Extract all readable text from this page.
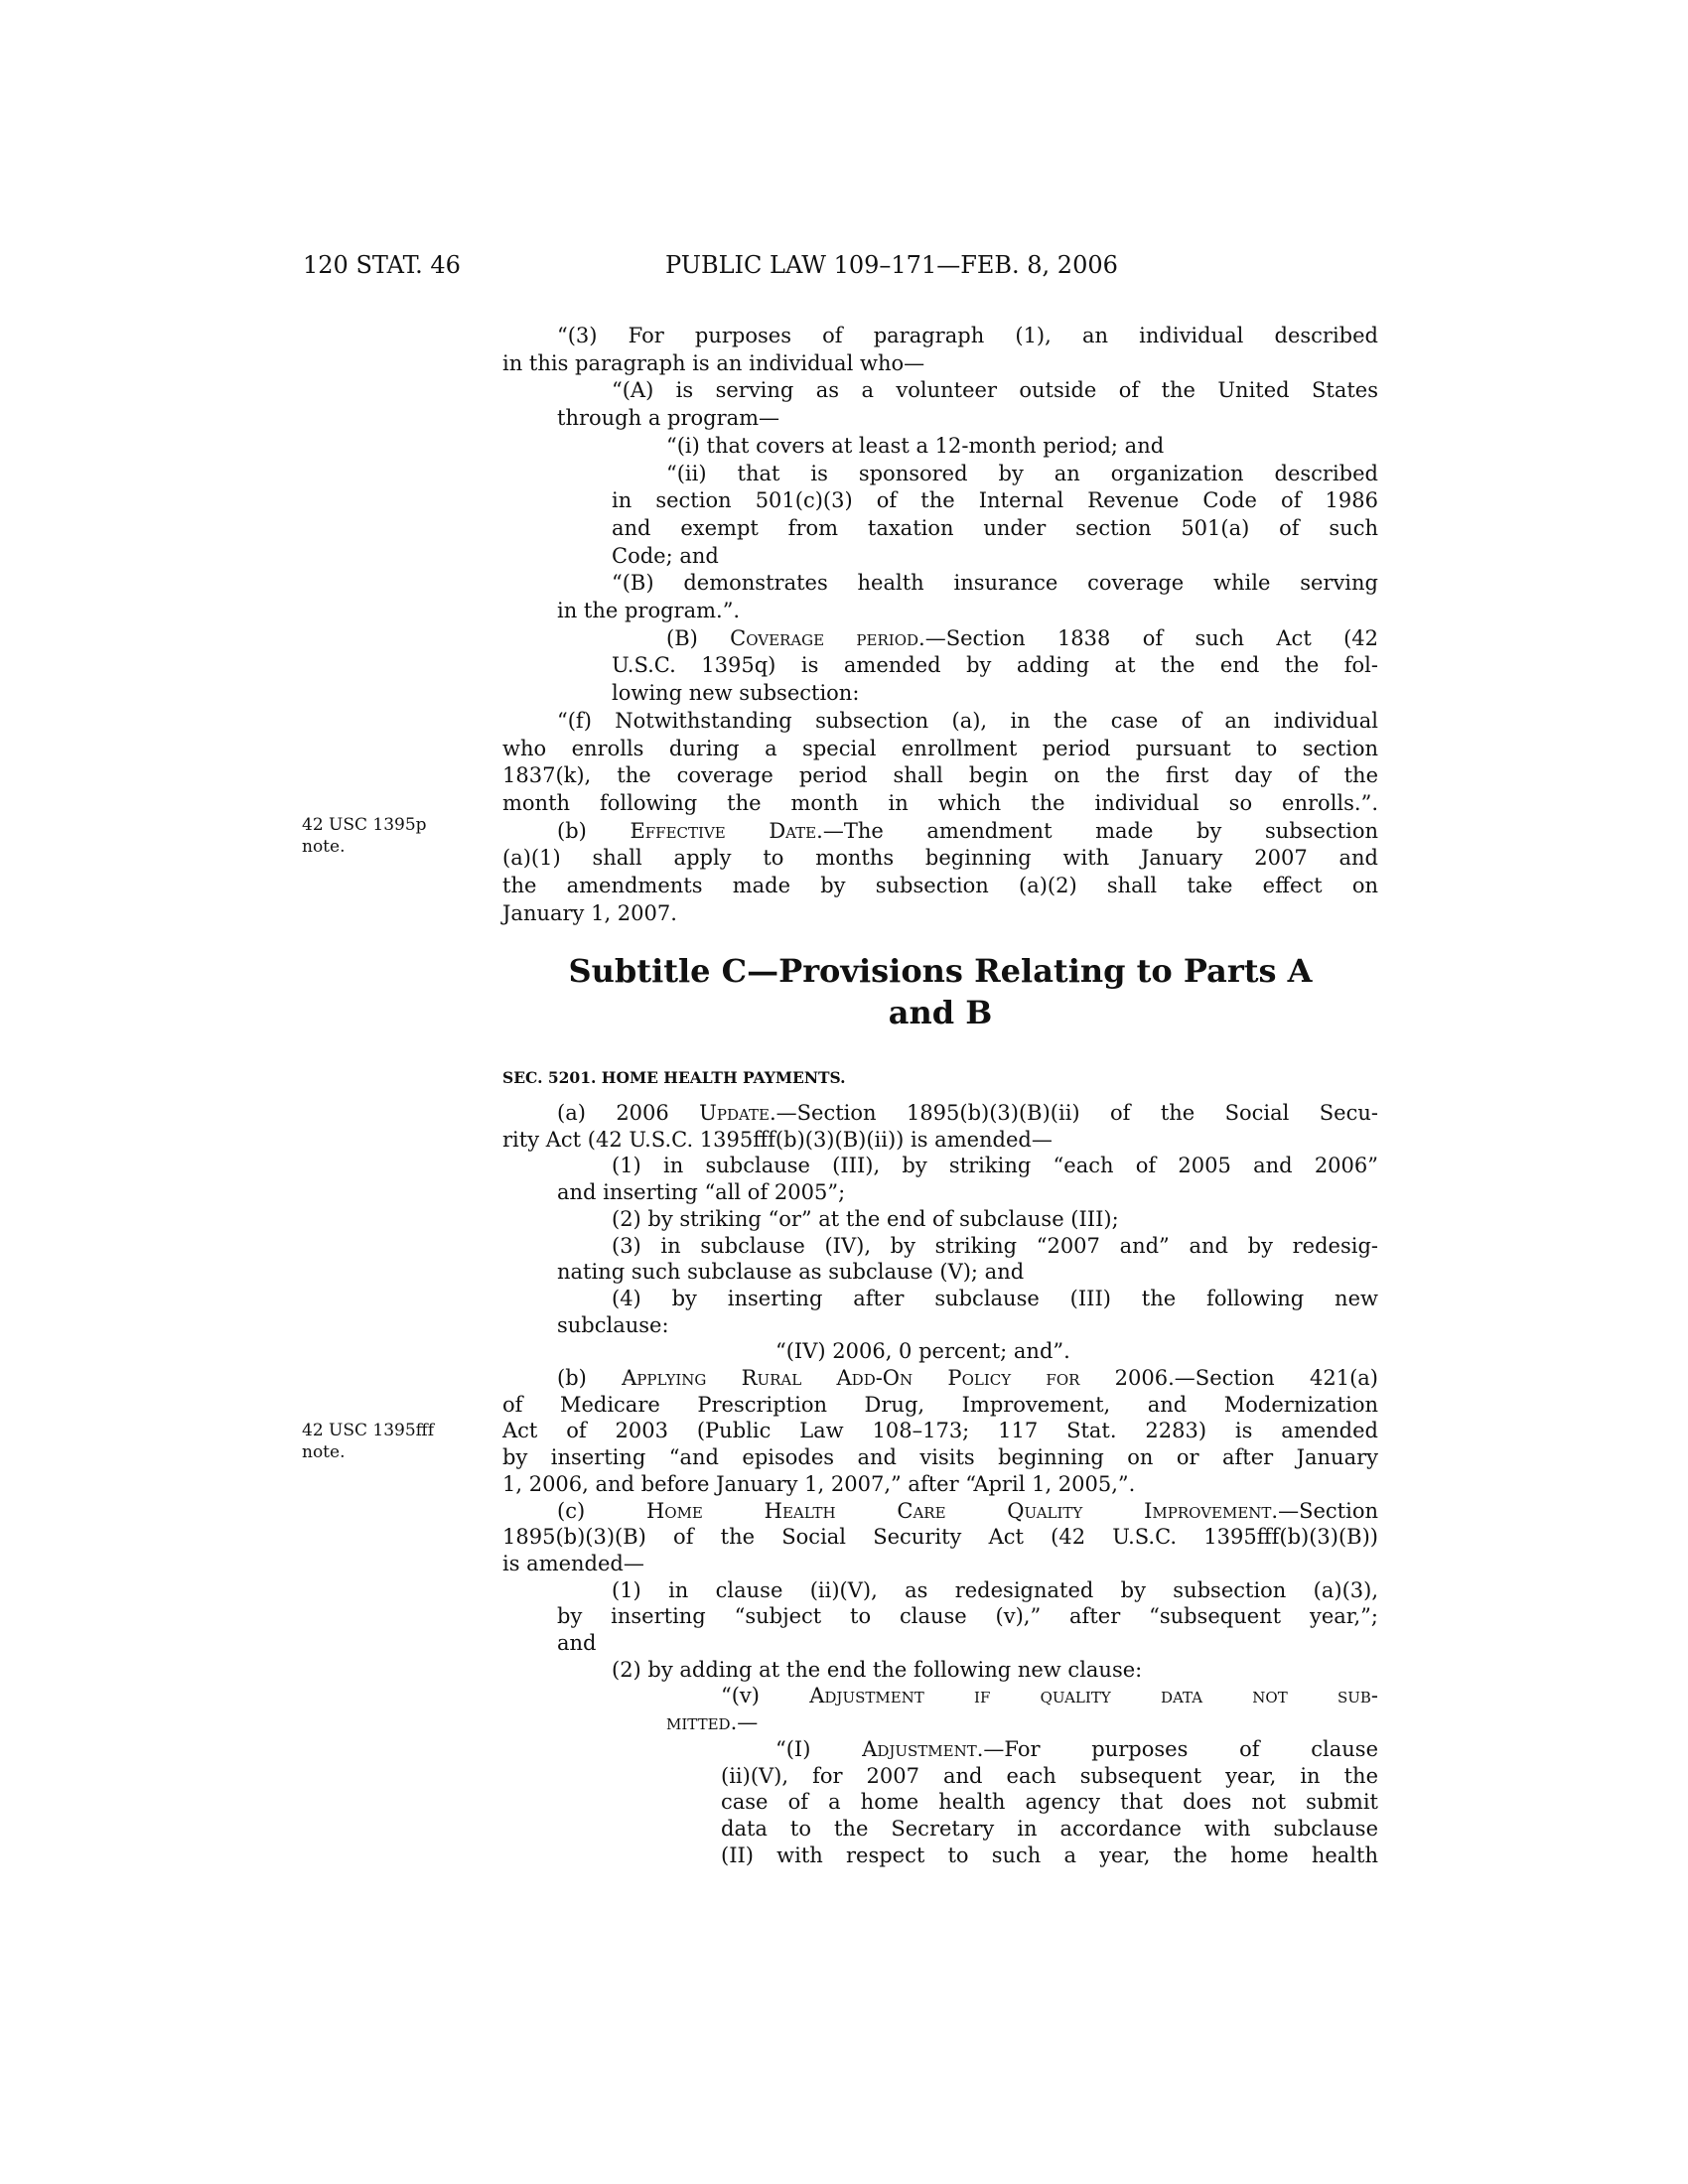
120 STAT. 46	PUBLIC LAW 109–171—FEB. 8, 2006
42 USC 1395p
note.
42 USC 1395fff
note.
“(3) For purposes of paragraph (1), an individual described
in this paragraph is an individual who—
“(A) is serving as a volunteer outside of the United States
through a program—
“(i) that covers at least a 12-month period; and
“(ii) that is sponsored by an organization described
in section 501(c)(3) of the Internal Revenue Code of 1986
and exempt from taxation under section 501(a) of such
Code; and
“(B) demonstrates health insurance coverage while serving
in the program.”.
(B) Coverage period.—Section 1838 of such Act (42
U.S.C. 1395q) is amended by adding at the end the fol-
lowing new subsection:
“(f) Notwithstanding subsection (a), in the case of an individual
who enrolls during a special enrollment period pursuant to section
1837(k), the coverage period shall begin on the first day of the
month following the month in which the individual so enrolls.”.
(b) Effective Date.—The amendment made by subsection
(a)(1) shall apply to months beginning with January 2007 and
the amendments made by subsection (a)(2) shall take effect on
January 1, 2007.
Subtitle C—Provisions Relating to Parts A
and B
SEC. 5201. HOME HEALTH PAYMENTS.
(a) 2006 Update.—Section 1895(b)(3)(B)(ii) of the Social Secu-
rity Act (42 U.S.C. 1395fff(b)(3)(B)(ii)) is amended—
(1) in subclause (III), by striking “each of 2005 and 2006”
and inserting “all of 2005”;
(2) by striking “or” at the end of subclause (III);
(3) in subclause (IV), by striking “2007 and” and by redesig-
nating such subclause as subclause (V); and
(4) by inserting after subclause (III) the following new
subclause:
“(IV) 2006, 0 percent; and”.
(b) Applying Rural Add-On Policy for 2006.—Section 421(a)
of Medicare Prescription Drug, Improvement, and Modernization
Act of 2003 (Public Law 108–173; 117 Stat. 2283) is amended
by inserting “and episodes and visits beginning on or after January
1, 2006, and before January 1, 2007,” after “April 1, 2005,”.
(c) Home Health Care Quality Improvement.—Section
1895(b)(3)(B) of the Social Security Act (42 U.S.C. 1395fff(b)(3)(B))
is amended—
(1) in clause (ii)(V), as redesignated by subsection (a)(3),
by inserting “subject to clause (v),” after “subsequent year,”;
and
(2) by adding at the end the following new clause:
“(v) Adjustment if quality data not sub-
mitted.—
“(I) Adjustment.—For purposes of clause
(ii)(V), for 2007 and each subsequent year, in the
case of a home health agency that does not submit
data to the Secretary in accordance with subclause
(II) with respect to such a year, the home health
